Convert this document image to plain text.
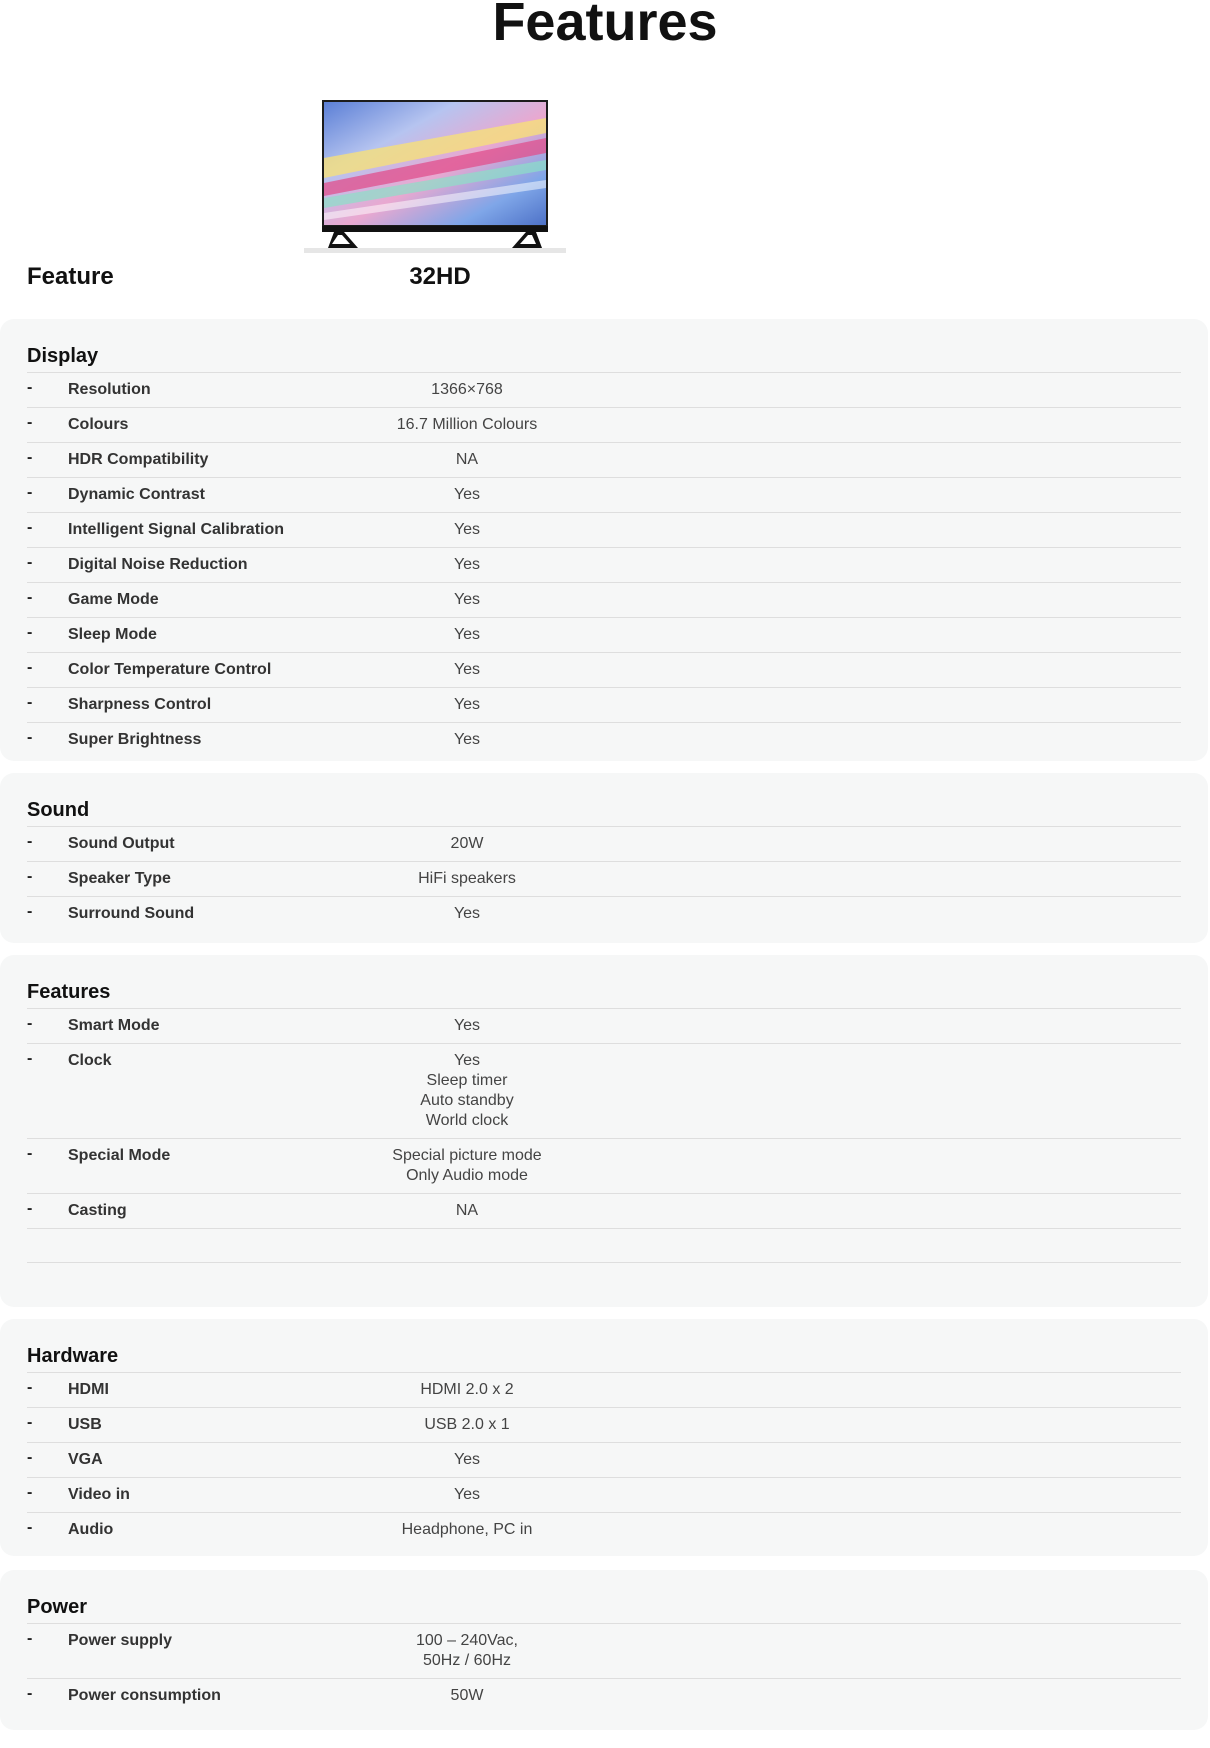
Features
Feature	32HD
Display
- Resolution	1366×768
- Colours	16.7 Million Colours
- HDR Compatibility	NA
- Dynamic Contrast	Yes
- Intelligent Signal Calibration	Yes
- Digital Noise Reduction	Yes
- Game Mode	Yes
- Sleep Mode	Yes
- Color Temperature Control	Yes
- Sharpness Control	Yes
- Super Brightness	Yes
Sound
- Sound Output	20W
- Speaker Type	HiFi speakers
- Surround Sound	Yes
Features
- Smart Mode	Yes
- Clock	Yes
Sleep timer
Auto standby
World clock
- Special Mode	Special picture mode
Only Audio mode
- Casting	NA
Hardware
- HDMI	HDMI 2.0 x 2
- USB	USB 2.0 x 1
- VGA	Yes
- Video in	Yes
- Audio	Headphone, PC in
Power
- Power supply	100 – 240Vac,
50Hz / 60Hz
- Power consumption	50W
